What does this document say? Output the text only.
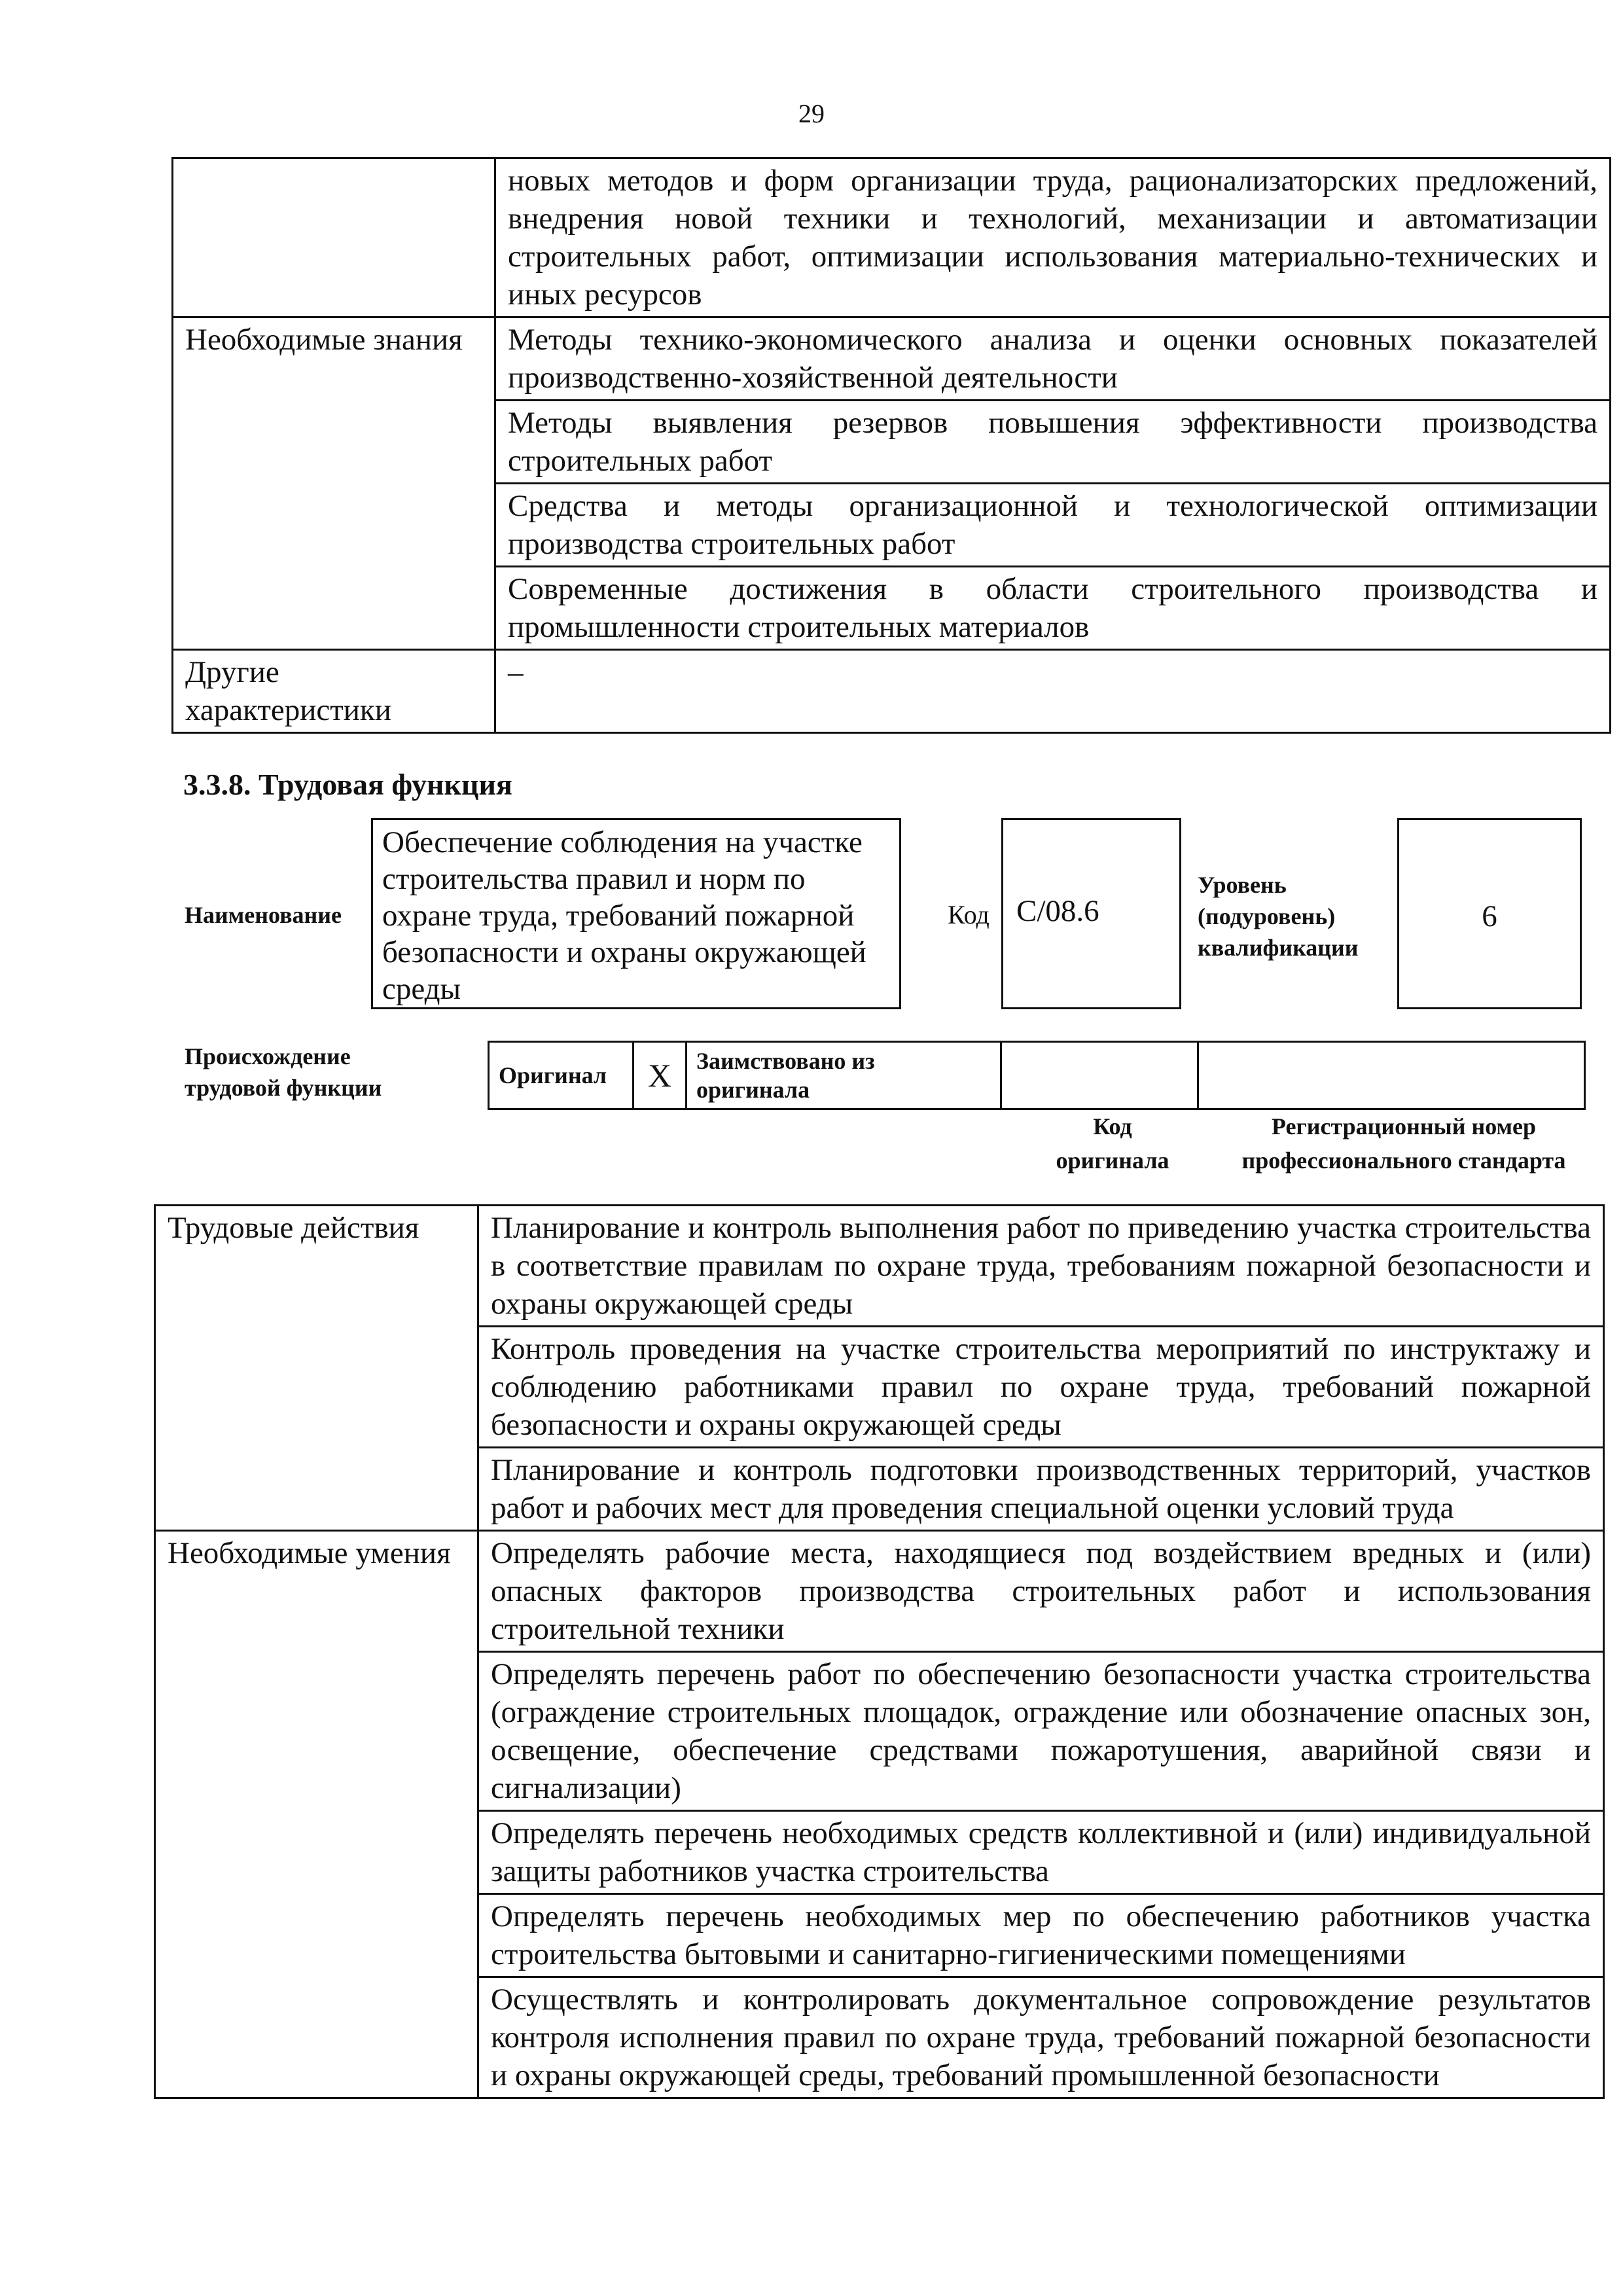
29
	новых методов и форм организации труда, рационализаторских предложений, внедрения новой техники и технологий, механизации и автоматизации строительных работ, оптимизации использования материально-технических и иных ресурсов
Необходимые знания	Методы технико-экономического анализа и оценки основных показателей производственно-хозяйственной деятельности
	Методы выявления резервов повышения эффективности производства строительных работ
	Средства и методы организационной и технологической оптимизации производства строительных работ
	Современные достижения в области строительного производства и промышленности строительных материалов
Другие характеристики	–
3.3.8. Трудовая функция
Наименование
Обеспечение соблюдения на участке строительства правил и норм по охране труда, требований пожарной безопасности и охраны окружающей среды
Код С/08.6
Уровень (подуровень) квалификации
6
Происхождение трудовой функции	Оригинал	X	Заимствовано из оригинала		
Код оригинала
Регистрационный номер профессионального стандарта
Трудовые действия	Планирование и контроль выполнения работ по приведению участка строительства в соответствие правилам по охране труда, требованиям пожарной безопасности и охраны окружающей среды
	Контроль проведения на участке строительства мероприятий по инструктажу и соблюдению работниками правил по охране труда, требований пожарной безопасности и охраны окружающей среды
	Планирование и контроль подготовки производственных территорий, участков работ и рабочих мест для проведения специальной оценки условий труда
Необходимые умения	Определять рабочие места, находящиеся под воздействием вредных и (или) опасных факторов производства строительных работ и использования строительной техники
	Определять перечень работ по обеспечению безопасности участка строительства (ограждение строительных площадок, ограждение или обозначение опасных зон, освещение, обеспечение средствами пожаротушения, аварийной связи и сигнализации)
	Определять перечень необходимых средств коллективной и (или) индивидуальной защиты работников участка строительства
	Определять перечень необходимых мер по обеспечению работников участка строительства бытовыми и санитарно-гигиеническими помещениями
	Осуществлять и контролировать документальное сопровождение результатов контроля исполнения правил по охране труда, требований пожарной безопасности и охраны окружающей среды, требований промышленной безопасности
